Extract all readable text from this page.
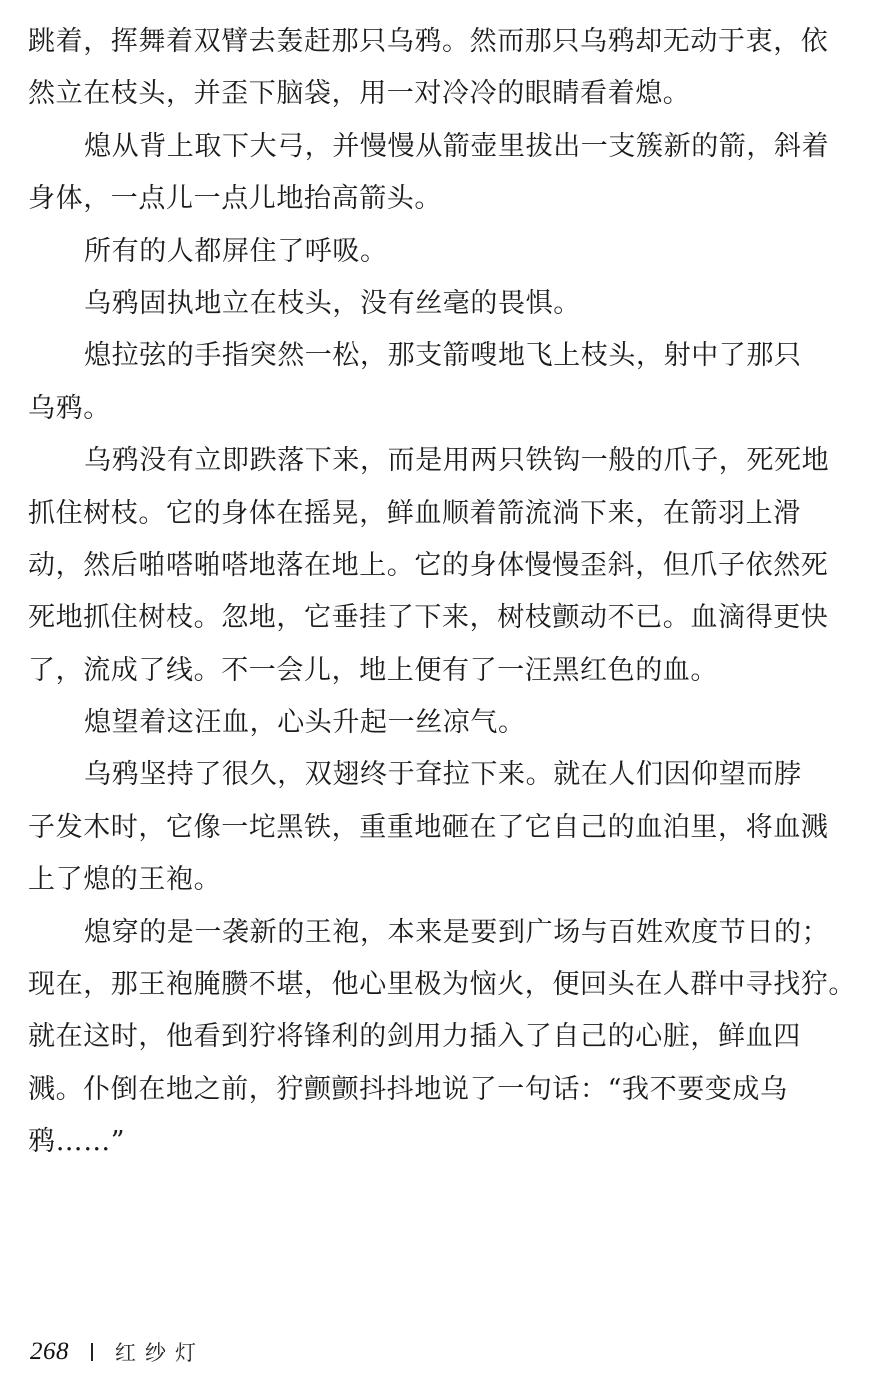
跳着，挥舞着双臂去轰赶那只乌鸦。然而那只乌鸦却无动于衷，依
然立在枝头，并歪下脑袋，用一对冷冷的眼睛看着熄。
熄从背上取下大弓，并慢慢从箭壶里拔出一支簇新的箭，斜着
身体，一点儿一点儿地抬高箭头。
所有的人都屏住了呼吸。
乌鸦固执地立在枝头，没有丝毫的畏惧。
熄拉弦的手指突然一松，那支箭嗖地飞上枝头，射中了那只
乌鸦。
乌鸦没有立即跌落下来，而是用两只铁钩一般的爪子，死死地
抓住树枝。它的身体在摇晃，鲜血顺着箭流淌下来，在箭羽上滑
动，然后啪嗒啪嗒地落在地上。它的身体慢慢歪斜，但爪子依然死
死地抓住树枝。忽地，它垂挂了下来，树枝颤动不已。血滴得更快
了，流成了线。不一会儿，地上便有了一汪黑红色的血。
熄望着这汪血，心头升起一丝凉气。
乌鸦坚持了很久，双翅终于耷拉下来。就在人们因仰望而脖
子发木时，它像一坨黑铁，重重地砸在了它自己的血泊里，将血溅
上了熄的王袍。
熄穿的是一袭新的王袍，本来是要到广场与百姓欢度节日的；
现在，那王袍腌臜不堪，他心里极为恼火，便回头在人群中寻找狞。
就在这时，他看到狞将锋利的剑用力插入了自己的心脏，鲜血四
溅。仆倒在地之前，狞颤颤抖抖地说了一句话：“我不要变成乌
鸦……”
268 红纱灯
